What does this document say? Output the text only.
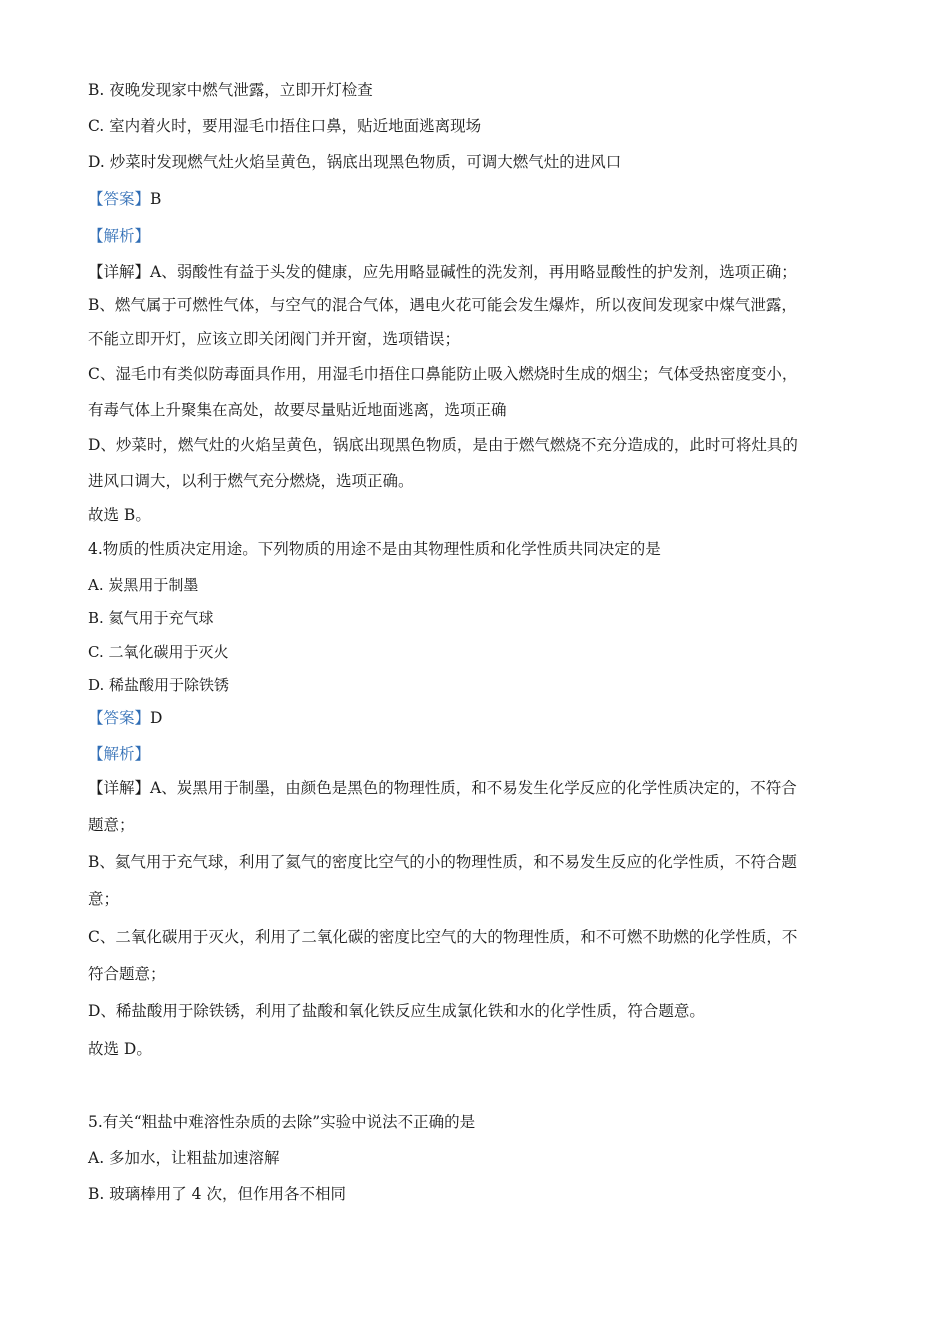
B. 夜晚发现家中燃气泄露，立即开灯检查
C. 室内着火时，要用湿毛巾捂住口鼻，贴近地面逃离现场
D. 炒菜时发现燃气灶火焰呈黄色，锅底出现黑色物质，可调大燃气灶的进风口
【答案】B
【解析】
【详解】A、弱酸性有益于头发的健康，应先用略显碱性的洗发剂，再用略显酸性的护发剂，选项正确；
B、燃气属于可燃性气体，与空气的混合气体，遇电火花可能会发生爆炸，所以夜间发现家中煤气泄露，
不能立即开灯，应该立即关闭阀门并开窗，选项错误；
C、湿毛巾有类似防毒面具作用，用湿毛巾捂住口鼻能防止吸入燃烧时生成的烟尘；气体受热密度变小，
有毒气体上升聚集在高处，故要尽量贴近地面逃离，选项正确
D、炒菜时，燃气灶的火焰呈黄色，锅底出现黑色物质，是由于燃气燃烧不充分造成的，此时可将灶具的
进风口调大，以利于燃气充分燃烧，选项正确。
故选 B。
4.物质的性质决定用途。下列物质的用途不是由其物理性质和化学性质共同决定的是
A. 炭黑用于制墨
B. 氦气用于充气球
C. 二氧化碳用于灭火
D. 稀盐酸用于除铁锈
【答案】D
【解析】
【详解】A、炭黑用于制墨，由颜色是黑色的物理性质，和不易发生化学反应的化学性质决定的，不符合
题意；
B、氦气用于充气球，利用了氦气的密度比空气的小的物理性质，和不易发生反应的化学性质，不符合题
意；
C、二氧化碳用于灭火，利用了二氧化碳的密度比空气的大的物理性质，和不可燃不助燃的化学性质，不
符合题意；
D、稀盐酸用于除铁锈，利用了盐酸和氧化铁反应生成氯化铁和水的化学性质，符合题意。
故选 D。
5.有关“粗盐中难溶性杂质的去除”实验中说法不正确的是
A. 多加水，让粗盐加速溶解
B. 玻璃棒用了 4 次，但作用各不相同
